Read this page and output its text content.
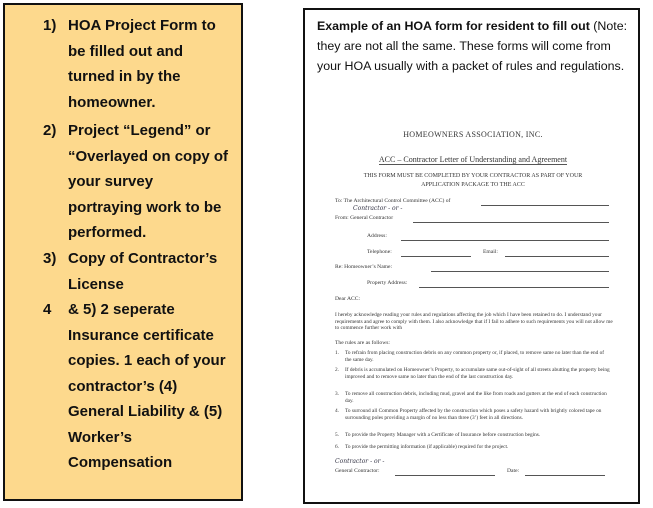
1) HOA Project Form to
be filled out and
turned in by the
homeowner.
2) Project “Legend” or
“Overlayed on copy of
your survey
portraying work to be
performed.
3) Copy of Contractor’s
License
4 & 5) 2 seperate
Insurance certificate
copies. 1 each of your
contractor’s (4)
General Liability & (5)
Worker’s
Compensation
Example of an HOA form for resident to fill out (Note: they are not all the same. These forms will come from your HOA usually with a packet of rules and regulations.
HOMEOWNERS ASSOCIATION, INC.
ACC – Contractor Letter of Understanding and Agreement
THIS FORM MUST BE COMPLETED BY YOUR CONTRACTOR AS PART OF YOUR
APPLICATION PACKAGE TO THE ACC
To: The Architectural Control Committee (ACC) of
Contractor - or -
From: General Contractor
Address:
Telephone:	Email:
Re: Homeowner’s Name:
Property Address:
Dear ACC:
I hereby acknowledge reading your rules and regulations affecting the job which I have been retained to do. I understand your requirements and agree to comply with them. I also acknowledge that if I fail to adhere to such requirements you will not allow me to commence further work with
The rules are as follows:
1. To refrain from placing construction debris on any common property or, if placed, to remove same no later than the end of the same day.
2. If debris is accumulated on Homeowner’s Property, to accumulate same out-of-sight of all streets abutting the property being improved and to remove same no later than the end of the last construction day.
3. To remove all construction debris, including mud, gravel and the like from roads and gutters at the end of each construction day.
4. To surround all Common Property affected by the construction which poses a safety hazard with brightly colored tape on surrounding poles providing a margin of no less than three (3’) feet in all directions.
5. To provide the Property Manager with a Certificate of Insurance before construction begins.
6. To provide the permitting information (if applicable) required for the project.
Contractor - or -
General Contractor:	Date:
